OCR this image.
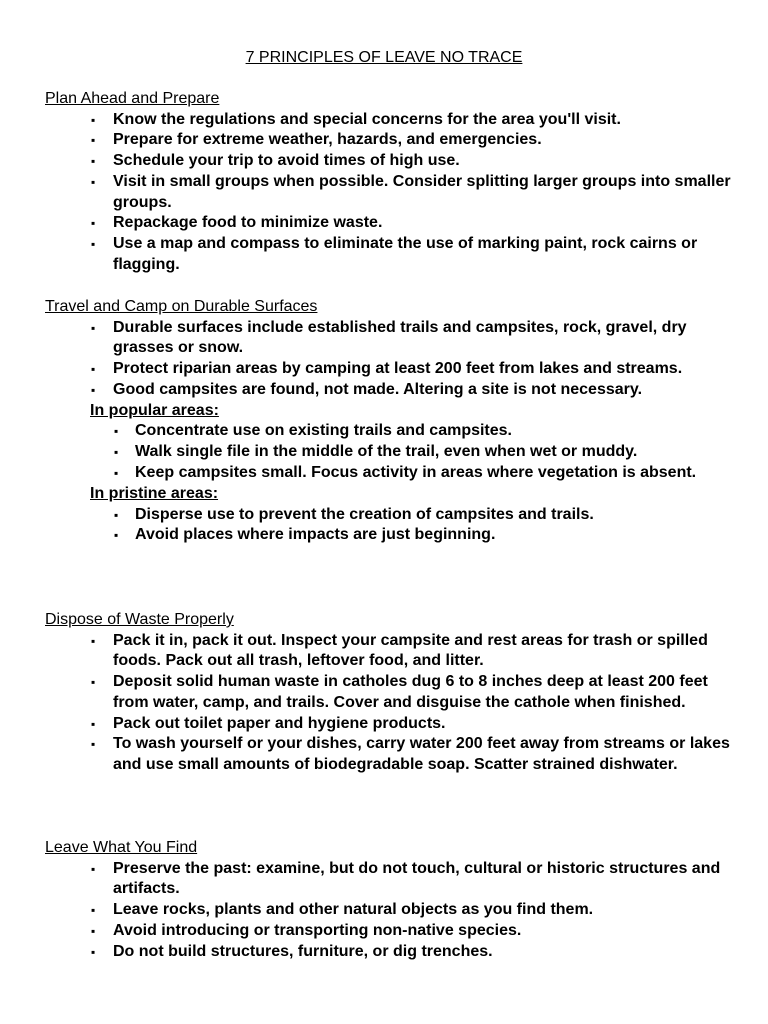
7 PRINCIPLES OF LEAVE NO TRACE
Plan Ahead and Prepare
▪ Know the regulations and special concerns for the area you'll visit.
▪ Prepare for extreme weather, hazards, and emergencies.
▪ Schedule your trip to avoid times of high use.
▪ Visit in small groups when possible. Consider splitting larger groups into smaller groups.
▪ Repackage food to minimize waste.
▪ Use a map and compass to eliminate the use of marking paint, rock cairns or flagging.
Travel and Camp on Durable Surfaces
▪ Durable surfaces include established trails and campsites, rock, gravel, dry grasses or snow.
▪ Protect riparian areas by camping at least 200 feet from lakes and streams.
▪ Good campsites are found, not made. Altering a site is not necessary.
In popular areas:
▪ Concentrate use on existing trails and campsites.
▪ Walk single file in the middle of the trail, even when wet or muddy.
▪ Keep campsites small. Focus activity in areas where vegetation is absent.
In pristine areas:
▪ Disperse use to prevent the creation of campsites and trails.
▪ Avoid places where impacts are just beginning.
Dispose of Waste Properly
▪ Pack it in, pack it out. Inspect your campsite and rest areas for trash or spilled foods. Pack out all trash, leftover food, and litter.
▪ Deposit solid human waste in catholes dug 6 to 8 inches deep at least 200 feet from water, camp, and trails. Cover and disguise the cathole when finished.
▪ Pack out toilet paper and hygiene products.
▪ To wash yourself or your dishes, carry water 200 feet away from streams or lakes and use small amounts of biodegradable soap. Scatter strained dishwater.
Leave What You Find
▪ Preserve the past: examine, but do not touch, cultural or historic structures and artifacts.
▪ Leave rocks, plants and other natural objects as you find them.
▪ Avoid introducing or transporting non-native species.
▪ Do not build structures, furniture, or dig trenches.
